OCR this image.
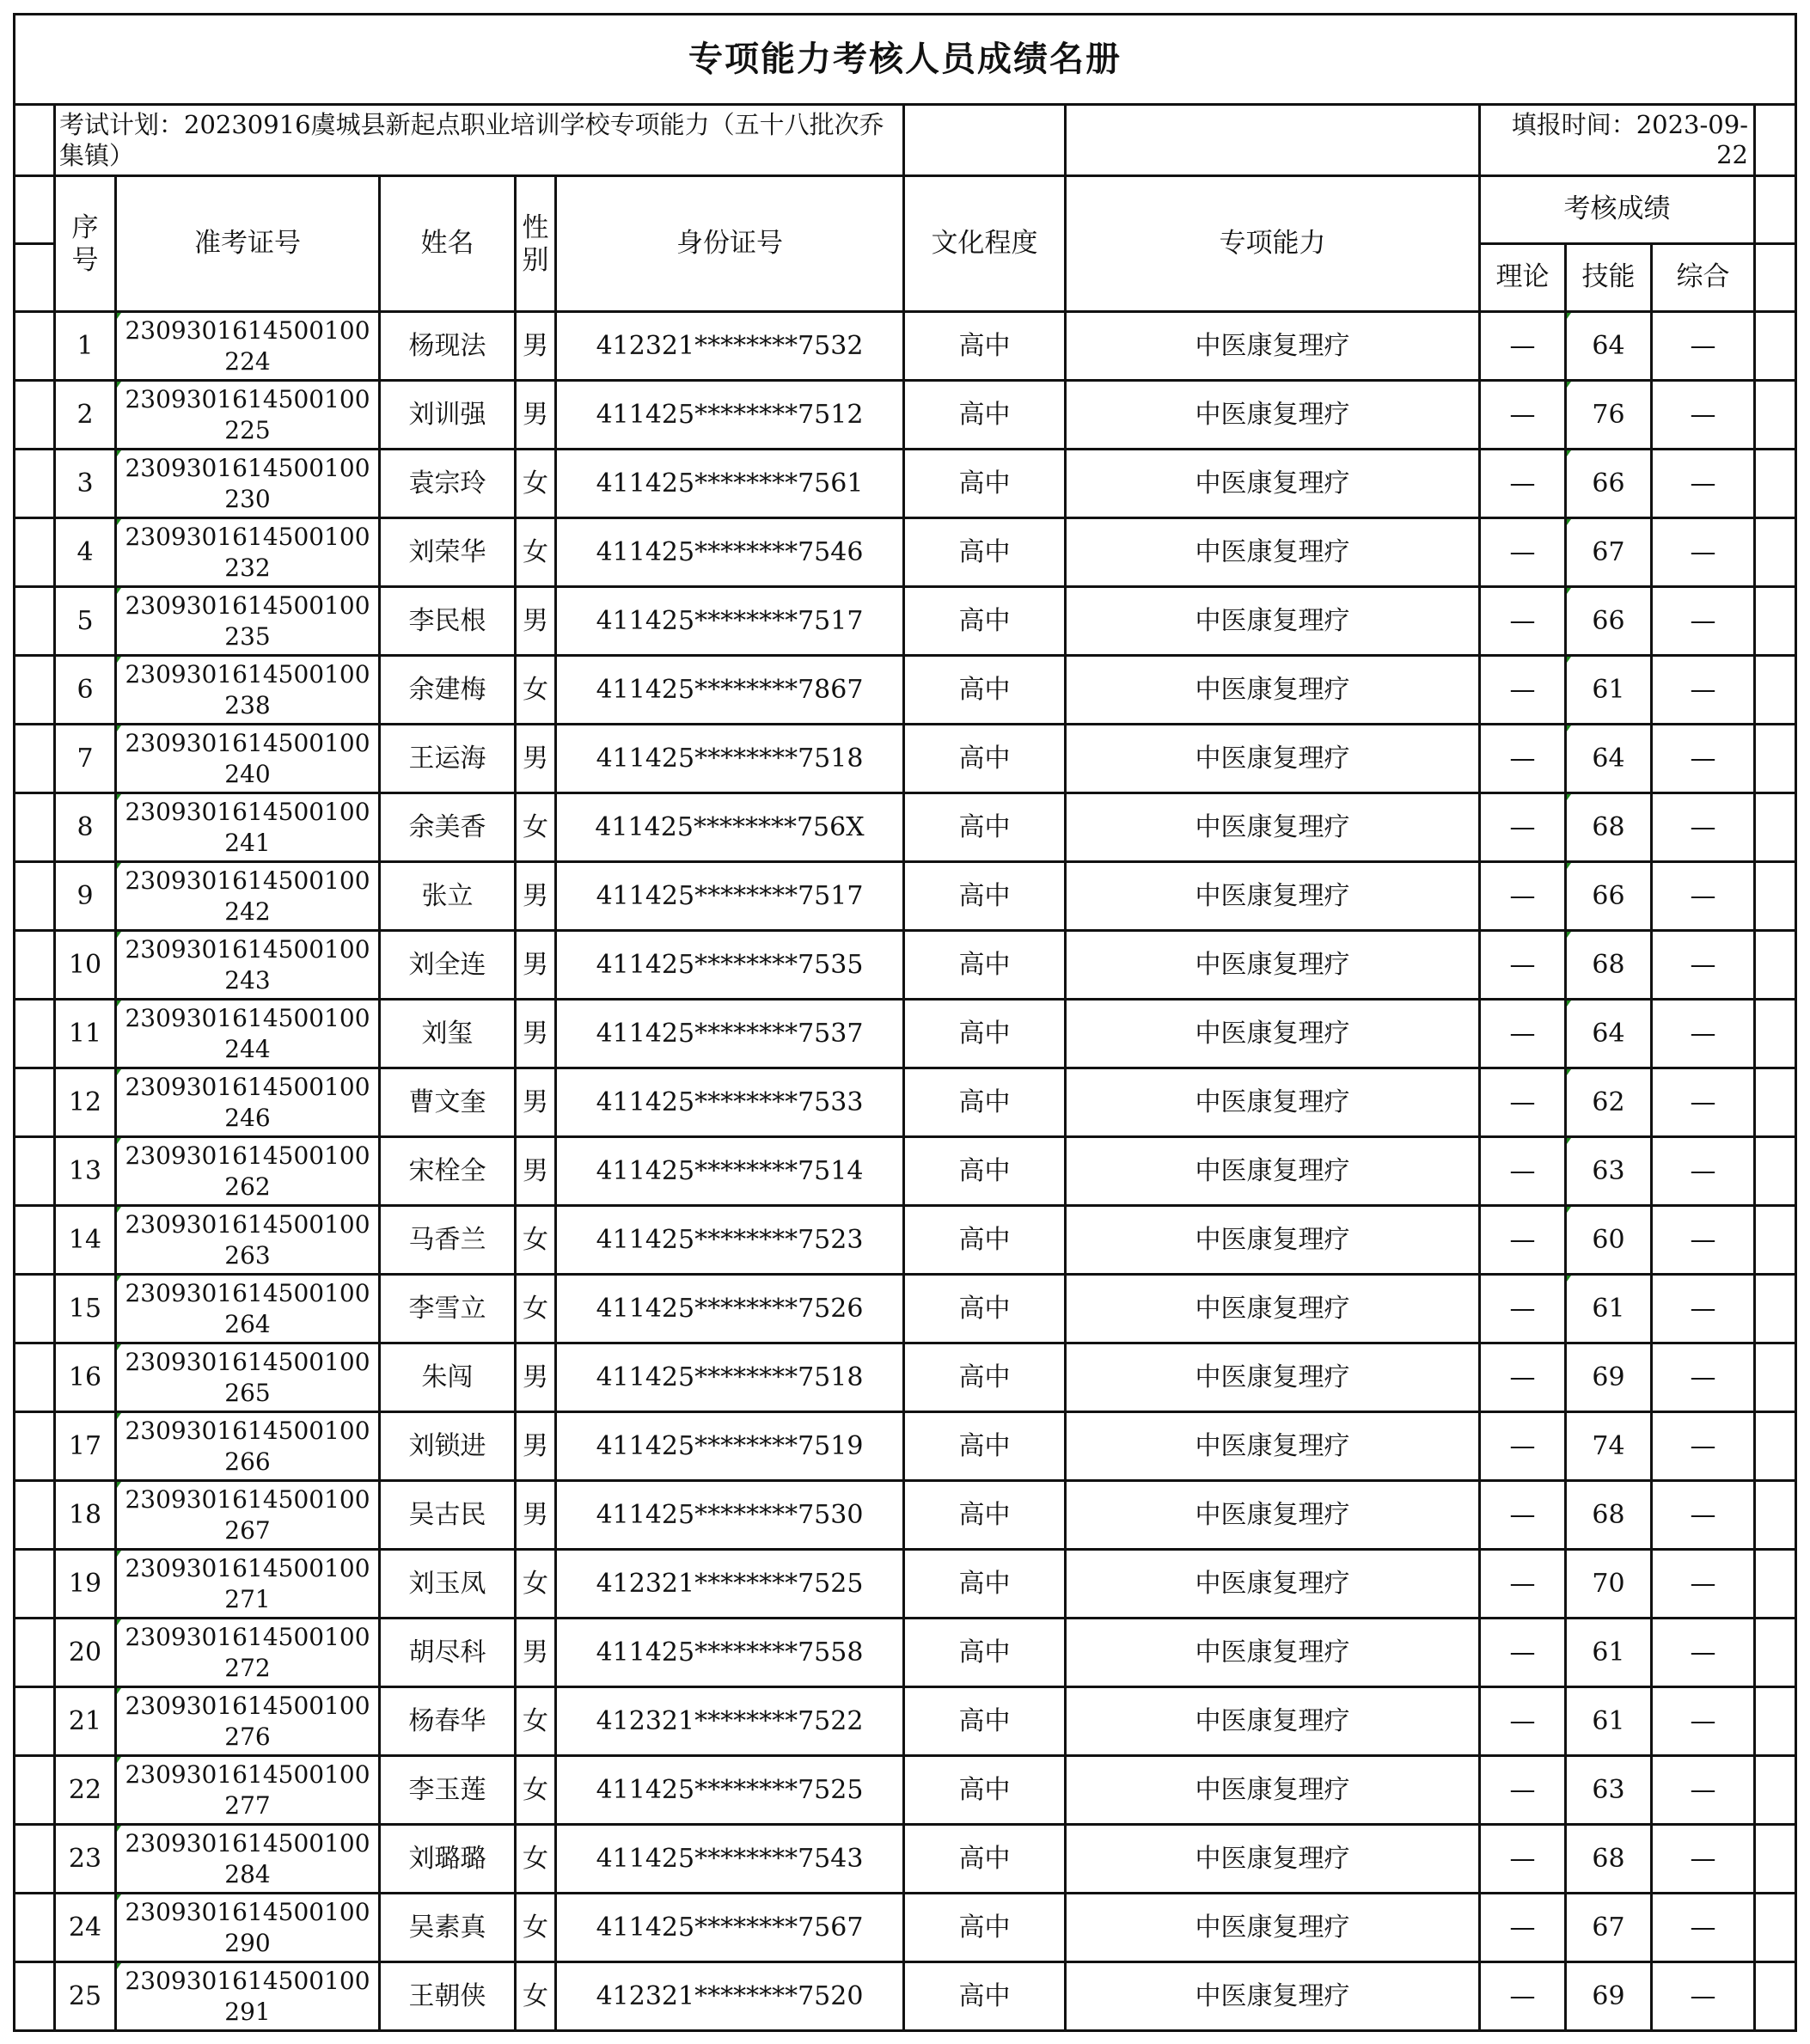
专项能力考核人员成绩名册											
	考试计划：20230916虞城县新起点职业培训学校专项能力（五十八批次乔集镇）							填报时间：2023-09-22			
	序号	准考证号	姓名	性别	身份证号	文化程度	专项能力	考核成绩			
								理论	技能	综合	
	1	2309301614500100224	杨现法	男	412321********7532	高中	中医康复理疗	—	64	—	
	2	2309301614500100225	刘训强	男	411425********7512	高中	中医康复理疗	—	76	—	
	3	2309301614500100230	袁宗玲	女	411425********7561	高中	中医康复理疗	—	66	—	
	4	2309301614500100232	刘荣华	女	411425********7546	高中	中医康复理疗	—	67	—	
	5	2309301614500100235	李民根	男	411425********7517	高中	中医康复理疗	—	66	—	
	6	2309301614500100238	余建梅	女	411425********7867	高中	中医康复理疗	—	61	—	
	7	2309301614500100240	王运海	男	411425********7518	高中	中医康复理疗	—	64	—	
	8	2309301614500100241	余美香	女	411425********756X	高中	中医康复理疗	—	68	—	
	9	2309301614500100242	张立	男	411425********7517	高中	中医康复理疗	—	66	—	
	10	2309301614500100243	刘全连	男	411425********7535	高中	中医康复理疗	—	68	—	
	11	2309301614500100244	刘玺	男	411425********7537	高中	中医康复理疗	—	64	—	
	12	2309301614500100246	曹文奎	男	411425********7533	高中	中医康复理疗	—	62	—	
	13	2309301614500100262	宋栓全	男	411425********7514	高中	中医康复理疗	—	63	—	
	14	2309301614500100263	马香兰	女	411425********7523	高中	中医康复理疗	—	60	—	
	15	2309301614500100264	李雪立	女	411425********7526	高中	中医康复理疗	—	61	—	
	16	2309301614500100265	朱闯	男	411425********7518	高中	中医康复理疗	—	69	—	
	17	2309301614500100266	刘锁进	男	411425********7519	高中	中医康复理疗	—	74	—	
	18	2309301614500100267	吴古民	男	411425********7530	高中	中医康复理疗	—	68	—	
	19	2309301614500100271	刘玉凤	女	412321********7525	高中	中医康复理疗	—	70	—	
	20	2309301614500100272	胡尽科	男	411425********7558	高中	中医康复理疗	—	61	—	
	21	2309301614500100276	杨春华	女	412321********7522	高中	中医康复理疗	—	61	—	
	22	2309301614500100277	李玉莲	女	411425********7525	高中	中医康复理疗	—	63	—	
	23	2309301614500100284	刘璐璐	女	411425********7543	高中	中医康复理疗	—	68	—	
	24	2309301614500100290	吴素真	女	411425********7567	高中	中医康复理疗	—	67	—	
	25	2309301614500100291	王朝侠	女	412321********7520	高中	中医康复理疗	—	69	—	
